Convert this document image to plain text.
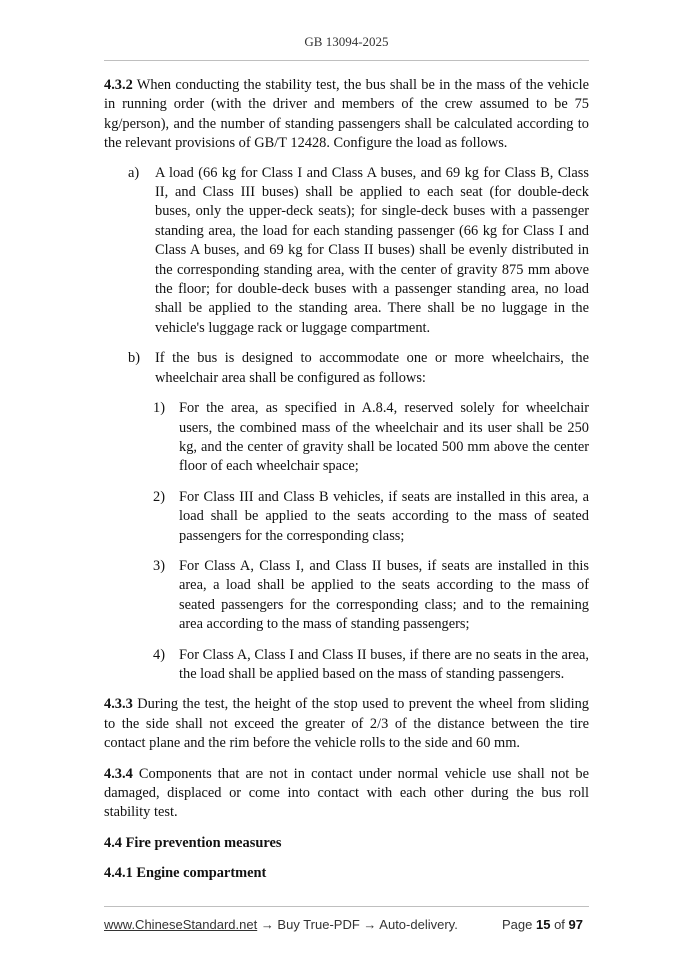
GB 13094-2025

4.3.2 When conducting the stability test, the bus shall be in the mass of the vehicle in running order (with the driver and members of the crew assumed to be 75 kg/person), and the number of standing passengers shall be calculated according to the relevant provisions of GB/T 12428. Configure the load as follows.

a) A load (66 kg for Class I and Class A buses, and 69 kg for Class B, Class II, and Class III buses) shall be applied to each seat (for double-deck buses, only the upper-deck seats); for single-deck buses with a passenger standing area, the load for each standing passenger (66 kg for Class I and Class A buses, and 69 kg for Class II buses) shall be evenly distributed in the corresponding standing area, with the center of gravity 875 mm above the floor; for double-deck buses with a passenger standing area, no load shall be applied to the standing area. There shall be no luggage in the vehicle's luggage rack or luggage compartment.
b) If the bus is designed to accommodate one or more wheelchairs, the wheelchair area shall be configured as follows:
1) For the area, as specified in A.8.4, reserved solely for wheelchair users, the combined mass of the wheelchair and its user shall be 250 kg, and the center of gravity shall be located 500 mm above the center floor of each wheelchair space;
2) For Class III and Class B vehicles, if seats are installed in this area, a load shall be applied to the seats according to the mass of seated passengers for the corresponding class;
3) For Class A, Class I, and Class II buses, if seats are installed in this area, a load shall be applied to the seats according to the mass of seated passengers for the corresponding class; and to the remaining area according to the mass of standing passengers;
4) For Class A, Class I and Class II buses, if there are no seats in the area, the load shall be applied based on the mass of standing passengers.

4.3.3 During the test, the height of the stop used to prevent the wheel from sliding to the side shall not exceed the greater of 2/3 of the distance between the tire contact plane and the rim before the vehicle rolls to the side and 60 mm.

4.3.4 Components that are not in contact under normal vehicle use shall not be damaged, displaced or come into contact with each other during the bus roll stability test.

4.4 Fire prevention measures

4.4.1 Engine compartment

www.ChineseStandard.net → Buy True-PDF → Auto-delivery.	Page 15 of 97
